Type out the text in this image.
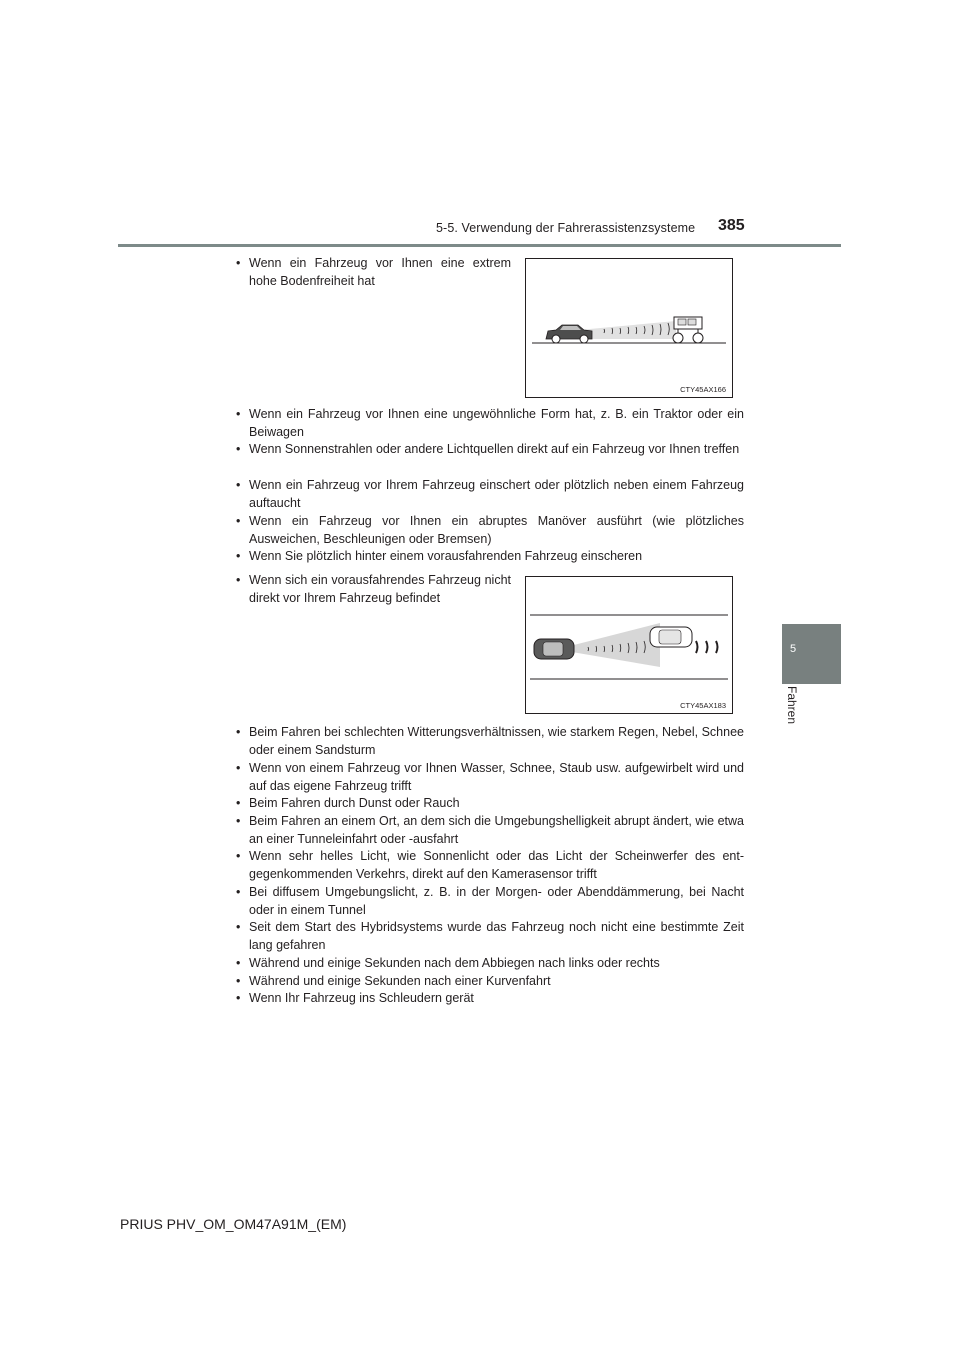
5-5. Verwendung der Fahrerassistenzsysteme 385
5
Fahren
• Wenn ein Fahrzeug vor Ihnen eine extrem hohe Bodenfreiheit hat
CTY45AX166
• Wenn ein Fahrzeug vor Ihnen eine ungewöhnliche Form hat, z. B. ein Traktor oder ein Beiwagen
• Wenn Sonnenstrahlen oder andere Lichtquellen direkt auf ein Fahrzeug vor Ihnen treffen
• Wenn ein Fahrzeug vor Ihrem Fahrzeug einschert oder plötzlich neben einem Fahrzeug auftaucht
• Wenn ein Fahrzeug vor Ihnen ein abruptes Manöver ausführt (wie plötzliches Ausweichen, Beschleunigen oder Bremsen)
• Wenn Sie plötzlich hinter einem vorausfahrenden Fahrzeug einscheren
• Wenn sich ein vorausfahrendes Fahrzeug nicht direkt vor Ihrem Fahrzeug befindet
CTY45AX183
• Beim Fahren bei schlechten Witterungsverhältnissen, wie starkem Regen, Nebel, Schnee oder einem Sandsturm
• Wenn von einem Fahrzeug vor Ihnen Wasser, Schnee, Staub usw. aufgewirbelt wird und auf das eigene Fahrzeug trifft
• Beim Fahren durch Dunst oder Rauch
• Beim Fahren an einem Ort, an dem sich die Umgebungshelligkeit abrupt ändert, wie etwa an einer Tunneleinfahrt oder -ausfahrt
• Wenn sehr helles Licht, wie Sonnenlicht oder das Licht der Scheinwerfer des ent-gegenkommenden Verkehrs, direkt auf den Kamerasensor trifft
• Bei diffusem Umgebungslicht, z. B. in der Morgen- oder Abenddämmerung, bei Nacht oder in einem Tunnel
• Seit dem Start des Hybridsystems wurde das Fahrzeug noch nicht eine bestimmte Zeit lang gefahren
• Während und einige Sekunden nach dem Abbiegen nach links oder rechts
• Während und einige Sekunden nach einer Kurvenfahrt
• Wenn Ihr Fahrzeug ins Schleudern gerät
PRIUS PHV_OM_OM47A91M_(EM)
